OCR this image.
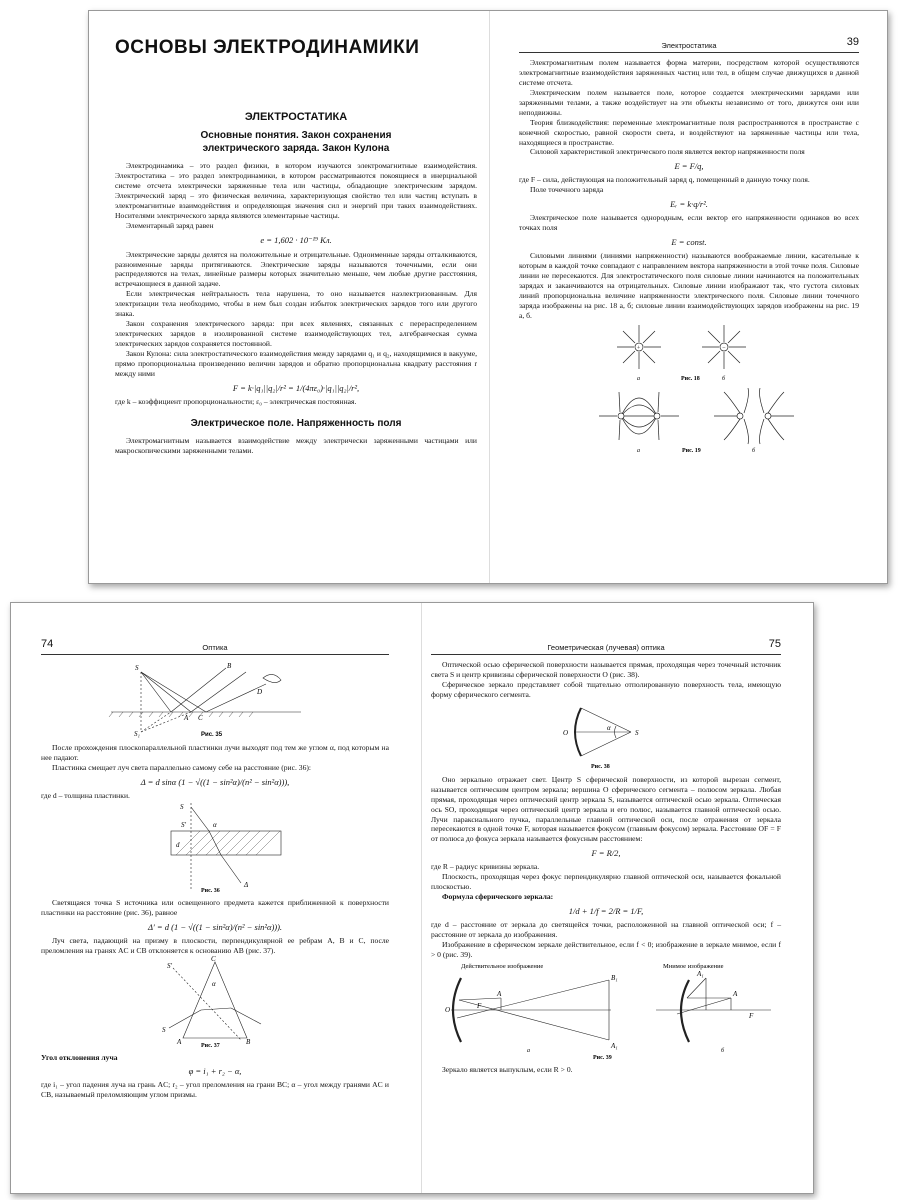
ОСНОВЫ ЭЛЕКТРОДИНАМИКИ
ЭЛЕКТРОСТАТИКА
Основные понятия. Закон сохранения
электрического заряда. Закон Кулона

Электродинамика – это раздел физики, в котором изучаются электромагнитные взаимодействия. Электростатика – это раздел электродинамики, в котором рассматриваются покоящиеся в инерциальной системе отсчета электрически заряженные тела или частицы, обладающие электрическим зарядом. Электрический заряд – это физическая величина, характеризующая свойство тел или частиц вступать в электромагнитные взаимодействия и определяющая значения сил и энергий при таких взаимодействиях. Носителями электрического заряда являются элементарные частицы.

Элементарный заряд равен

e = 1,602 · 10⁻¹⁹ Кл.

Электрические заряды делятся на положительные и отрицательные. Одноименные заряды отталкиваются, разноименные заряды притягиваются. Электрические заряды называются точечными, если они распределяются на телах, линейные размеры которых значительно меньше, чем любые другие расстояния, встречающиеся в данной задаче.

Если электрическая нейтральность тела нарушена, то оно называется наэлектризованным. Для электризации тела необходимо, чтобы в нем был создан избыток электрических зарядов того или другого знака.

Закон сохранения электрического заряда: при всех явлениях, связанных с перераспределением электрических зарядов в изолированной системе взаимодействующих тел, алгебраическая сумма электрических зарядов сохраняется постоянной.

Закон Кулона: сила электростатического взаимодействия между зарядами q₁ и q₂, находящимися в вакууме, прямо пропорциональна произведению величин зарядов и обратно пропорциональна квадрату расстояния r между ними

F = k·|q₁||q₂|/r² = 1/(4πε₀)·|q₁||q₂|/r²,

где k – коэффициент пропорциональности; ε₀ – электрическая постоянная.

Электрическое поле. Напряженность поля

Электромагнитным называется взаимодействие между электрически заряженными частицами или макроскопическими заряженными телами.

Электростатика	39

Электромагнитным полем называется форма материи, посредством которой осуществляются электромагнитные взаимодействия заряженных частиц или тел, в общем случае движущихся в данной системе отсчета.

Электрическим полем называется поле, которое создается электрическими зарядами или заряженными телами, а также воздействует на эти объекты независимо от того, движутся они или неподвижны.

Теория близкодействия: переменные электромагнитные поля распространяются в пространстве с конечной скоростью, равной скорости света, и воздействуют на заряженные частицы или тела, находящиеся в пространстве.

Силовой характеристикой электрического поля является вектор напряженности поля

E = F/q,

где F – сила, действующая на положительный заряд q, помещенный в данную точку поля.

Поле точечного заряда

Eᵣ = k·q/r².

Электрическое поле называется однородным, если вектор его напряженности одинаков во всех точках поля

E = const.

Силовыми линиями (линиями напряженности) называются воображаемые линии, касательные к которым в каждой точке совпадают с направлением вектора напряженности в этой точке поля. Силовые линии не пересекаются. Для электростатического поля силовые линии начинаются на положительных зарядах и заканчиваются на отрицательных. Силовые линии изображают так, что густота силовых линий пропорциональна величине напряженности электрического поля. Силовые линии точечного заряда изображены на рис. 18 а, б; силовые линии взаимодействующих зарядов изображены на рис. 19 а, б.

+	−
а	б
Рис. 18

а	б
Рис. 19
74	Оптика
S	B
S₁
A C
D
Рис. 35

После прохождения плоскопараллельной пластинки лучи выходят под тем же углом α, под которым на нее падают.

Пластинка смещает луч света параллельно самому себе на расстояние (рис. 36):

Δ = d sinα (1 − √((1 − sin²α)/(n² − sin²α))),

где d – толщина пластинки.

S
S′
d
α
Δ
Рис. 36

Светящаяся точка S источника или освещенного предмета кажется приближенной к поверхности пластинки на расстояние (рис. 36), равное

Δ′ = d (1 − √((1 − sin²α)/(n² − sin²α))).

Луч света, падающий на призму в плоскости, перпендикулярной ее ребрам A, B и C, после преломления на гранях AC и CB отклоняется к основанию AB (рис. 37).

C
A	B
S′
S
α
Рис. 37

Угол отклонения луча

φ = i₁ + r₂ − α,

где i₁ – угол падения луча на грань AC; r₂ – угол преломления на грани BC; α – угол между гранями AC и CB, называемый преломляющим углом призмы.

Геометрическая (лучевая) оптика	75

Оптической осью сферической поверхности называется прямая, проходящая через точечный источник света S и центр кривизны сферической поверхности O (рис. 38).

Сферическое зеркало представляет собой тщательно отполированную поверхность тела, имеющую форму сферического сегмента.

O	S
α
Рис. 38

Оно зеркально отражает свет. Центр S сферической поверхности, из которой вырезан сегмент, называется оптическим центром зеркала; вершина O сферического сегмента – полюсом зеркала. Любая прямая, проходящая через оптический центр зеркала S, называется оптической осью зеркала. Оптическая ось SO, проходящая через оптический центр зеркала и его полюс, называется главной оптической осью. Лучи параксиального пучка, параллельные главной оптической оси, после отражения от зеркала пересекаются в одной точке F, которая называется фокусом (главным фокусом) зеркала. Расстояние OF = F от полюса до фокуса зеркала называется фокусным расстоянием:

F = R/2,

где R – радиус кривизны зеркала.

Плоскость, проходящая через фокус перпендикулярно главной оптической оси, называется фокальной плоскостью.

Формула сферического зеркала:

1/d + 1/f = 2/R = 1/F,

где d – расстояние от зеркала до светящейся точки, расположенной на главной оптической оси; f – расстояние от зеркала до изображения.

Изображение в сферическом зеркале действительное, если f < 0; изображение в зеркале мнимое, если f > 0 (рис. 39).

Действительное изображение	Мнимое изображение
O	F
A
B₁
A₁
A₁
A
F
а	б
Рис. 39

Зеркало является выпуклым, если R > 0.
